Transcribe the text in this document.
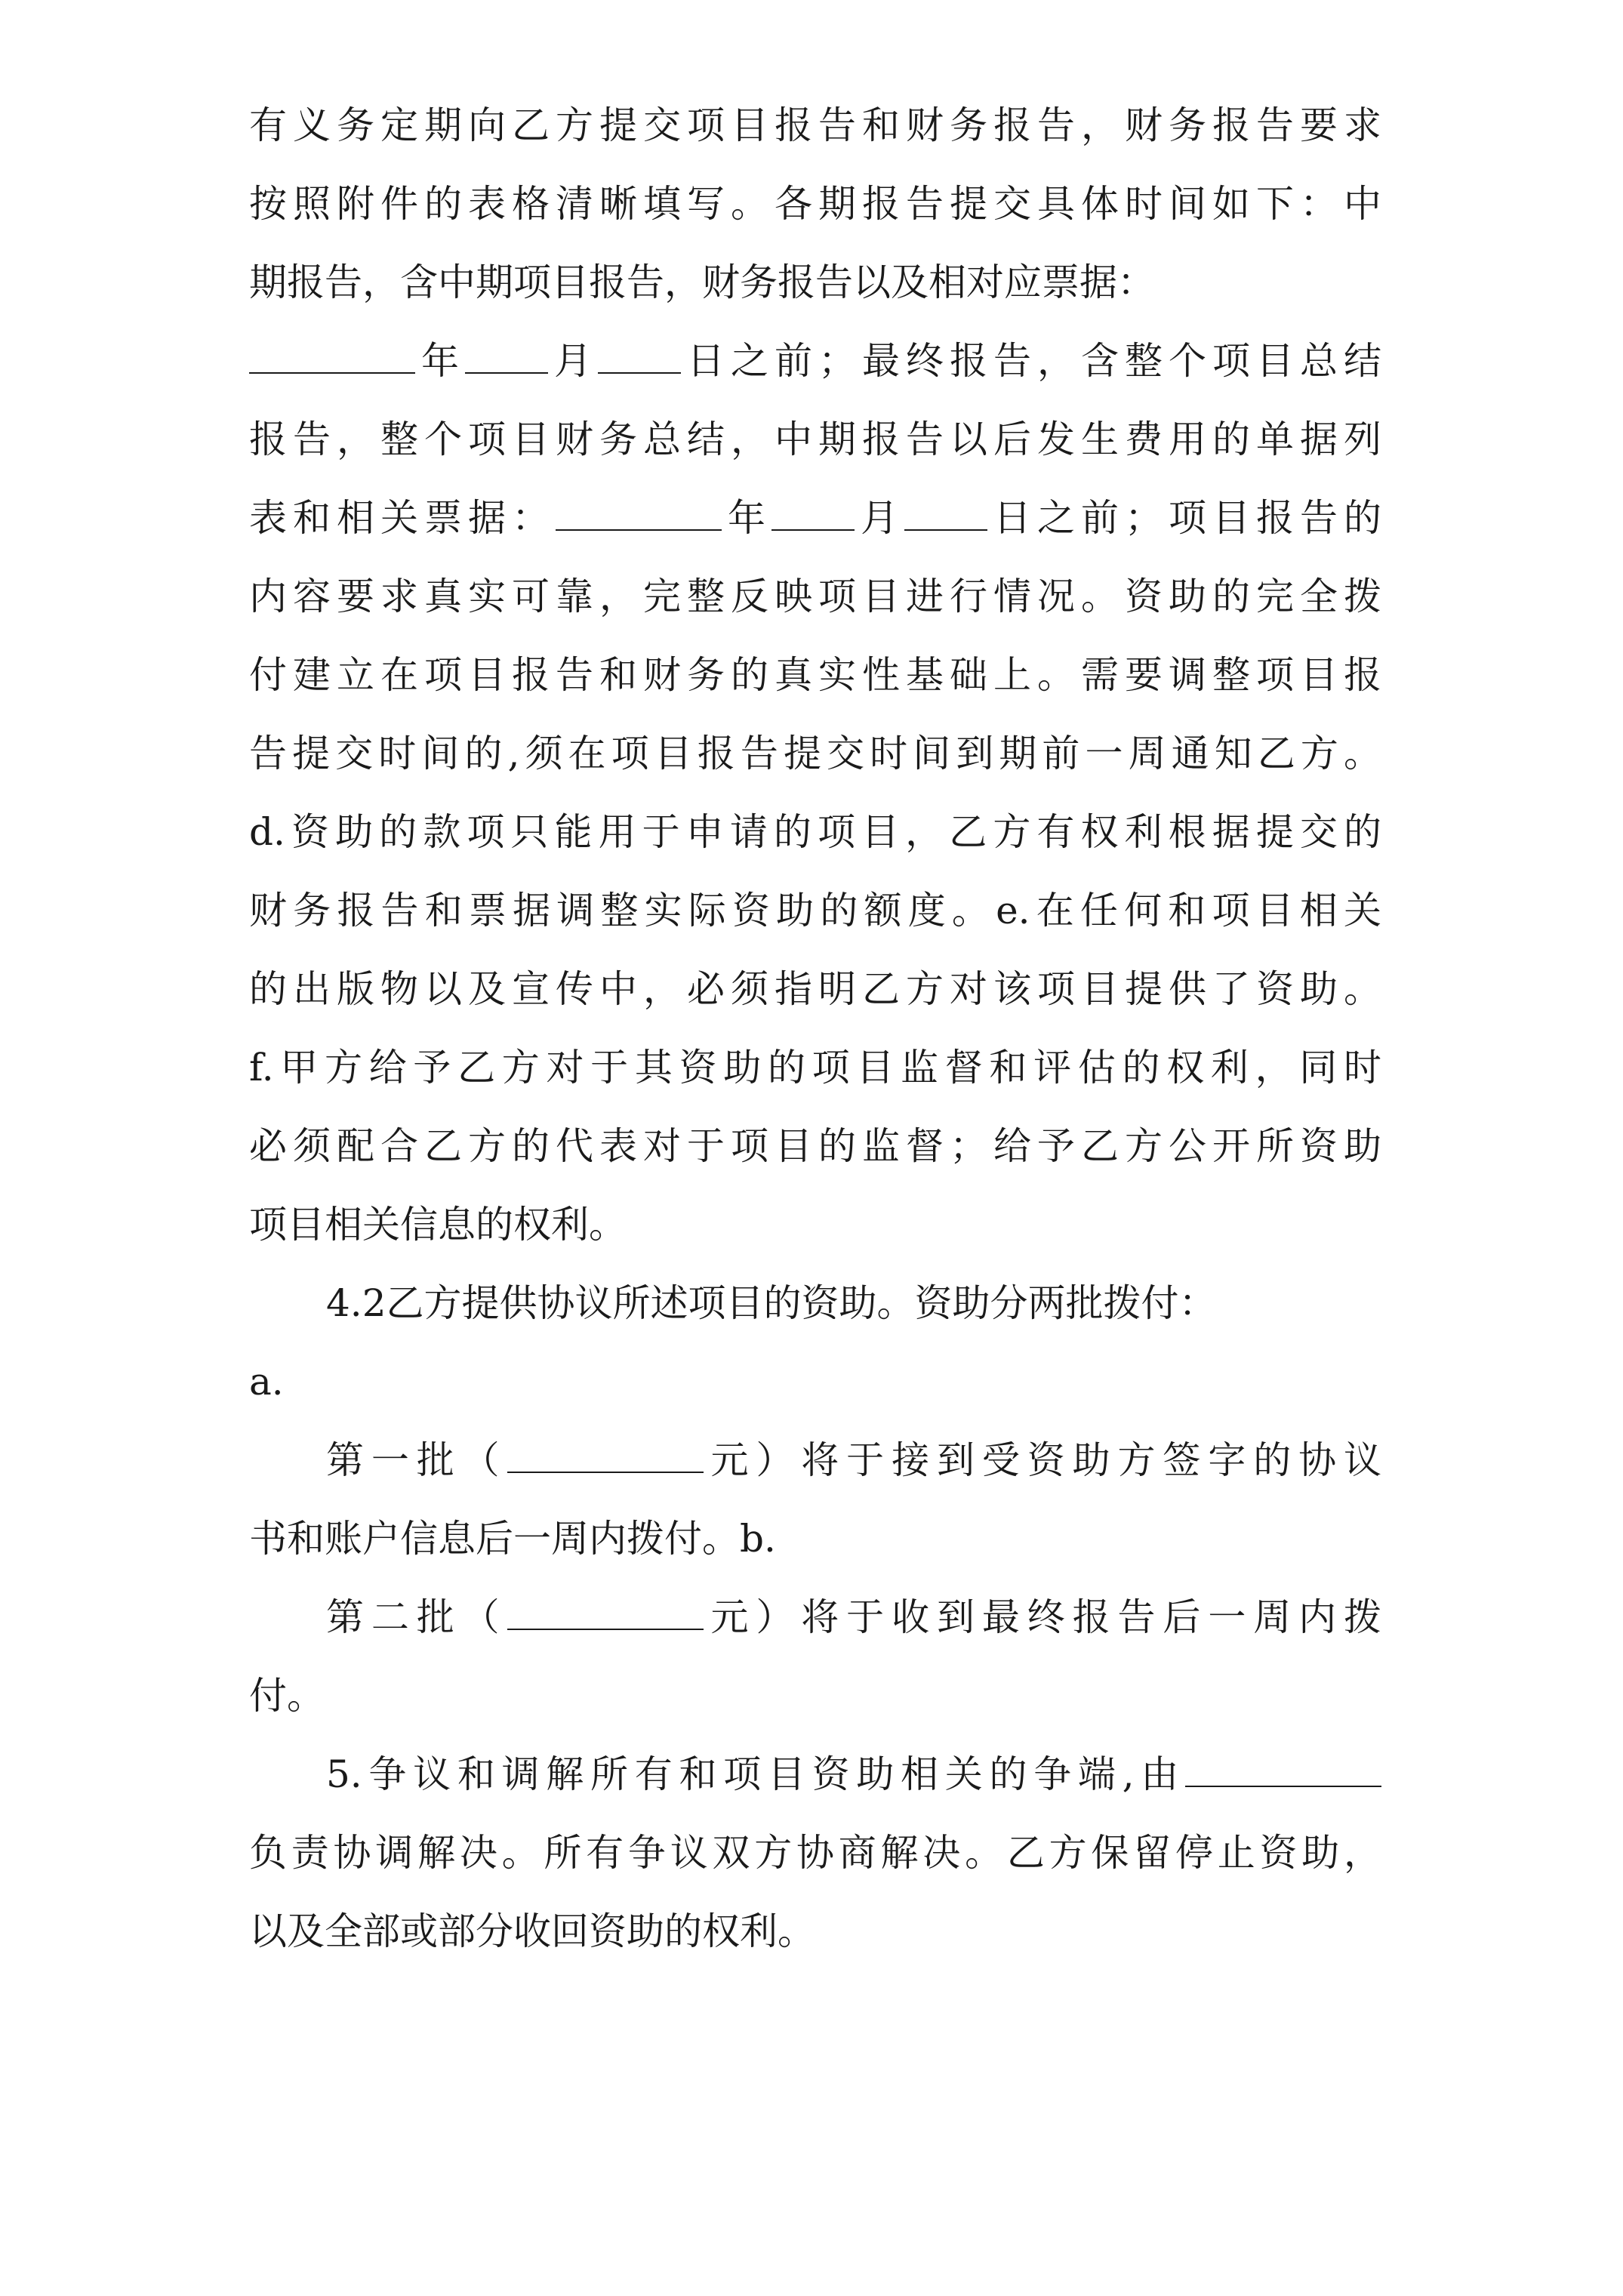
有义务定期向乙方提交项目报告和财务报告，财务报告要求
按照附件的表格清晰填写。各期报告提交具体时间如下：中
期报告，含中期项目报告，财务报告以及相对应票据：
年 月 日之前；最终报告，含整个项目总结
报告，整个项目财务总结，中期报告以后发生费用的单据列
表和相关票据：	年 月 日之前；项目报告的
内容要求真实可靠，完整反映项目进行情况。资助的完全拨
付建立在项目报告和财务的真实性基础上。需要调整项目报
告提交时间的,须在项目报告提交时间到期前一周通知乙方。
d.资助的款项只能用于申请的项目，乙方有权利根据提交的
财务报告和票据调整实际资助的额度。e.在任何和项目相关
的出版物以及宣传中，必须指明乙方对该项目提供了资助。
f.甲方给予乙方对于其资助的项目监督和评估的权利，同时
必须配合乙方的代表对于项目的监督；给予乙方公开所资助
项目相关信息的权利。
4.2乙方提供协议所述项目的资助。资助分两批拨付：
a.
第一批（	元）将于接到受资助方签字的协议
书和账户信息后一周内拨付。b.
第二批（	元）将于收到最终报告后一周内拨
付。
5.争议和调解所有和项目资助相关的争端,由
负责协调解决。所有争议双方协商解决。乙方保留停止资助，
以及全部或部分收回资助的权利。
